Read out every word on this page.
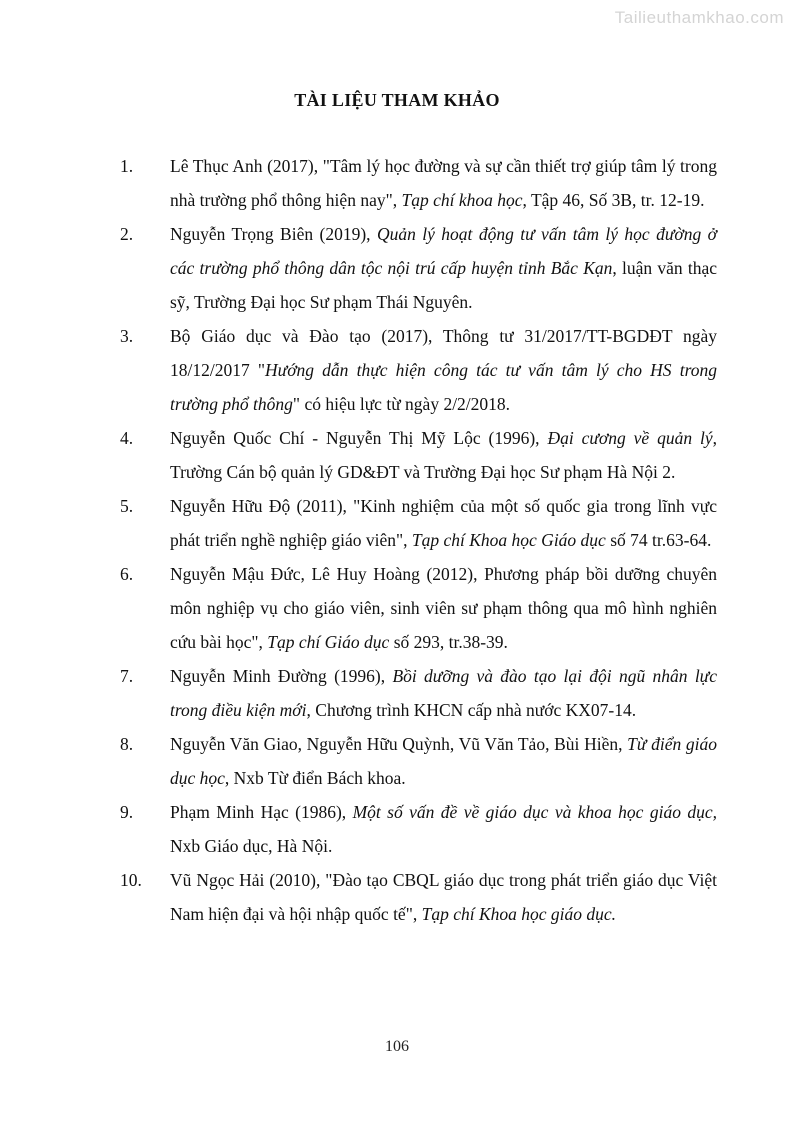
Tailieuthamkhao.com
TÀI LIỆU THAM KHẢO
1.	Lê Thục Anh (2017), "Tâm lý học đường và sự cần thiết trợ giúp tâm lý trong nhà trường phổ thông hiện nay", Tạp chí khoa học, Tập 46, Số 3B, tr. 12-19.
2.	Nguyễn Trọng Biên (2019), Quản lý hoạt động tư vấn tâm lý học đường ở các trường phổ thông dân tộc nội trú cấp huyện tỉnh Bắc Kạn, luận văn thạc sỹ, Trường Đại học Sư phạm Thái Nguyên.
3.	Bộ Giáo dục và Đào tạo (2017), Thông tư 31/2017/TT-BGDĐT ngày 18/12/2017 "Hướng dẫn thực hiện công tác tư vấn tâm lý cho HS trong trường phổ thông" có hiệu lực từ ngày 2/2/2018.
4.	Nguyễn Quốc Chí - Nguyễn Thị Mỹ Lộc (1996), Đại cương về quản lý, Trường Cán bộ quản lý GD&ĐT và Trường Đại học Sư phạm Hà Nội 2.
5.	Nguyễn Hữu Độ (2011), "Kinh nghiệm của một số quốc gia trong lĩnh vực phát triển nghề nghiệp giáo viên", Tạp chí Khoa học Giáo dục số 74 tr.63-64.
6.	Nguyễn Mậu Đức, Lê Huy Hoàng (2012), Phương pháp bồi dưỡng chuyên môn nghiệp vụ cho giáo viên, sinh viên sư phạm thông qua mô hình nghiên cứu bài học", Tạp chí Giáo dục số 293, tr.38-39.
7.	Nguyễn Minh Đường (1996), Bồi dưỡng và đào tạo lại đội ngũ nhân lực trong điều kiện mới, Chương trình KHCN cấp nhà nước KX07-14.
8.	Nguyễn Văn Giao, Nguyễn Hữu Quỳnh, Vũ Văn Tảo, Bùi Hiền, Từ điển giáo dục học, Nxb Từ điển Bách khoa.
9.	Phạm Minh Hạc (1986), Một số vấn đề về giáo dục và khoa học giáo dục, Nxb Giáo dục, Hà Nội.
10.	Vũ Ngọc Hải (2010), "Đào tạo CBQL giáo dục trong phát triển giáo dục Việt Nam hiện đại và hội nhập quốc tế", Tạp chí Khoa học giáo dục.
106
